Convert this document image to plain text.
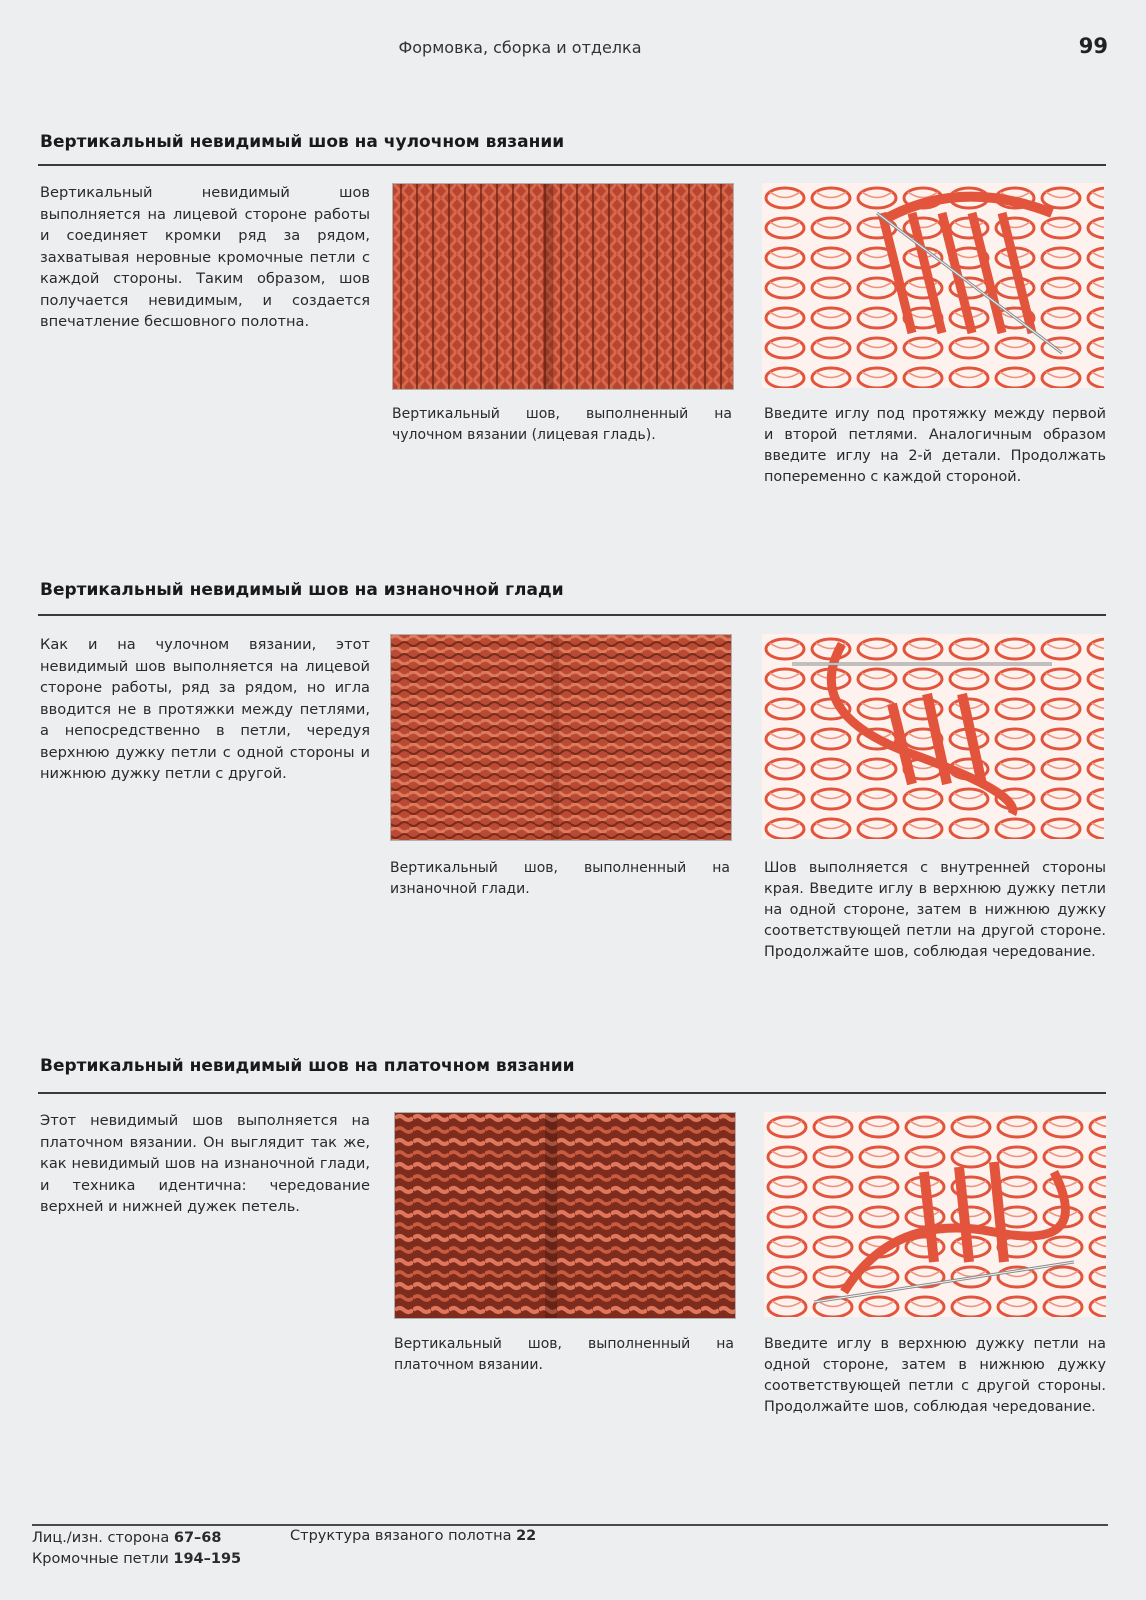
Формовка, сборка и отделка	99
Вертикальный невидимый шов на чулочном вязании
Вертикальный невидимый шов выполняется на лицевой стороне работы и соединяет кромки ряд за рядом, захватывая неровные кромочные петли с каждой стороны. Таким образом, шов получается невидимым, и создается впечатление бесшовного полотна.
Вертикальный шов, выполненный на чулочном вязании (лицевая гладь).
Введите иглу под протяжку между первой и второй петлями. Аналогичным образом введите иглу на 2-й детали. Продолжать попеременно с каждой стороной.
Вертикальный невидимый шов на изнаночной глади
Как и на чулочном вязании, этот невидимый шов выполняется на лицевой стороне работы, ряд за рядом, но игла вводится не в протяжки между петлями, а непосредственно в петли, чередуя верхнюю дужку петли с одной стороны и нижнюю дужку петли с другой.
Вертикальный шов, выполненный на изнаночной глади.
Шов выполняется с внутренней стороны края. Введите иглу в верхнюю дужку петли на одной стороне, затем в нижнюю дужку соответствующей петли на другой стороне. Продолжайте шов, соблюдая чередование.
Вертикальный невидимый шов на платочном вязании
Этот невидимый шов выполняется на платочном вязании. Он выглядит так же, как невидимый шов на изнаночной глади, и техника идентична: чередование верхней и нижней дужек петель.
Вертикальный шов, выполненный на платочном вязании.
Введите иглу в верхнюю дужку петли на одной стороне, затем в нижнюю дужку соответствующей петли с другой стороны. Продолжайте шов, соблюдая чередование.
Лиц./изн. сторона 67–68
Кромочные петли 194–195
Структура вязаного полотна 22
